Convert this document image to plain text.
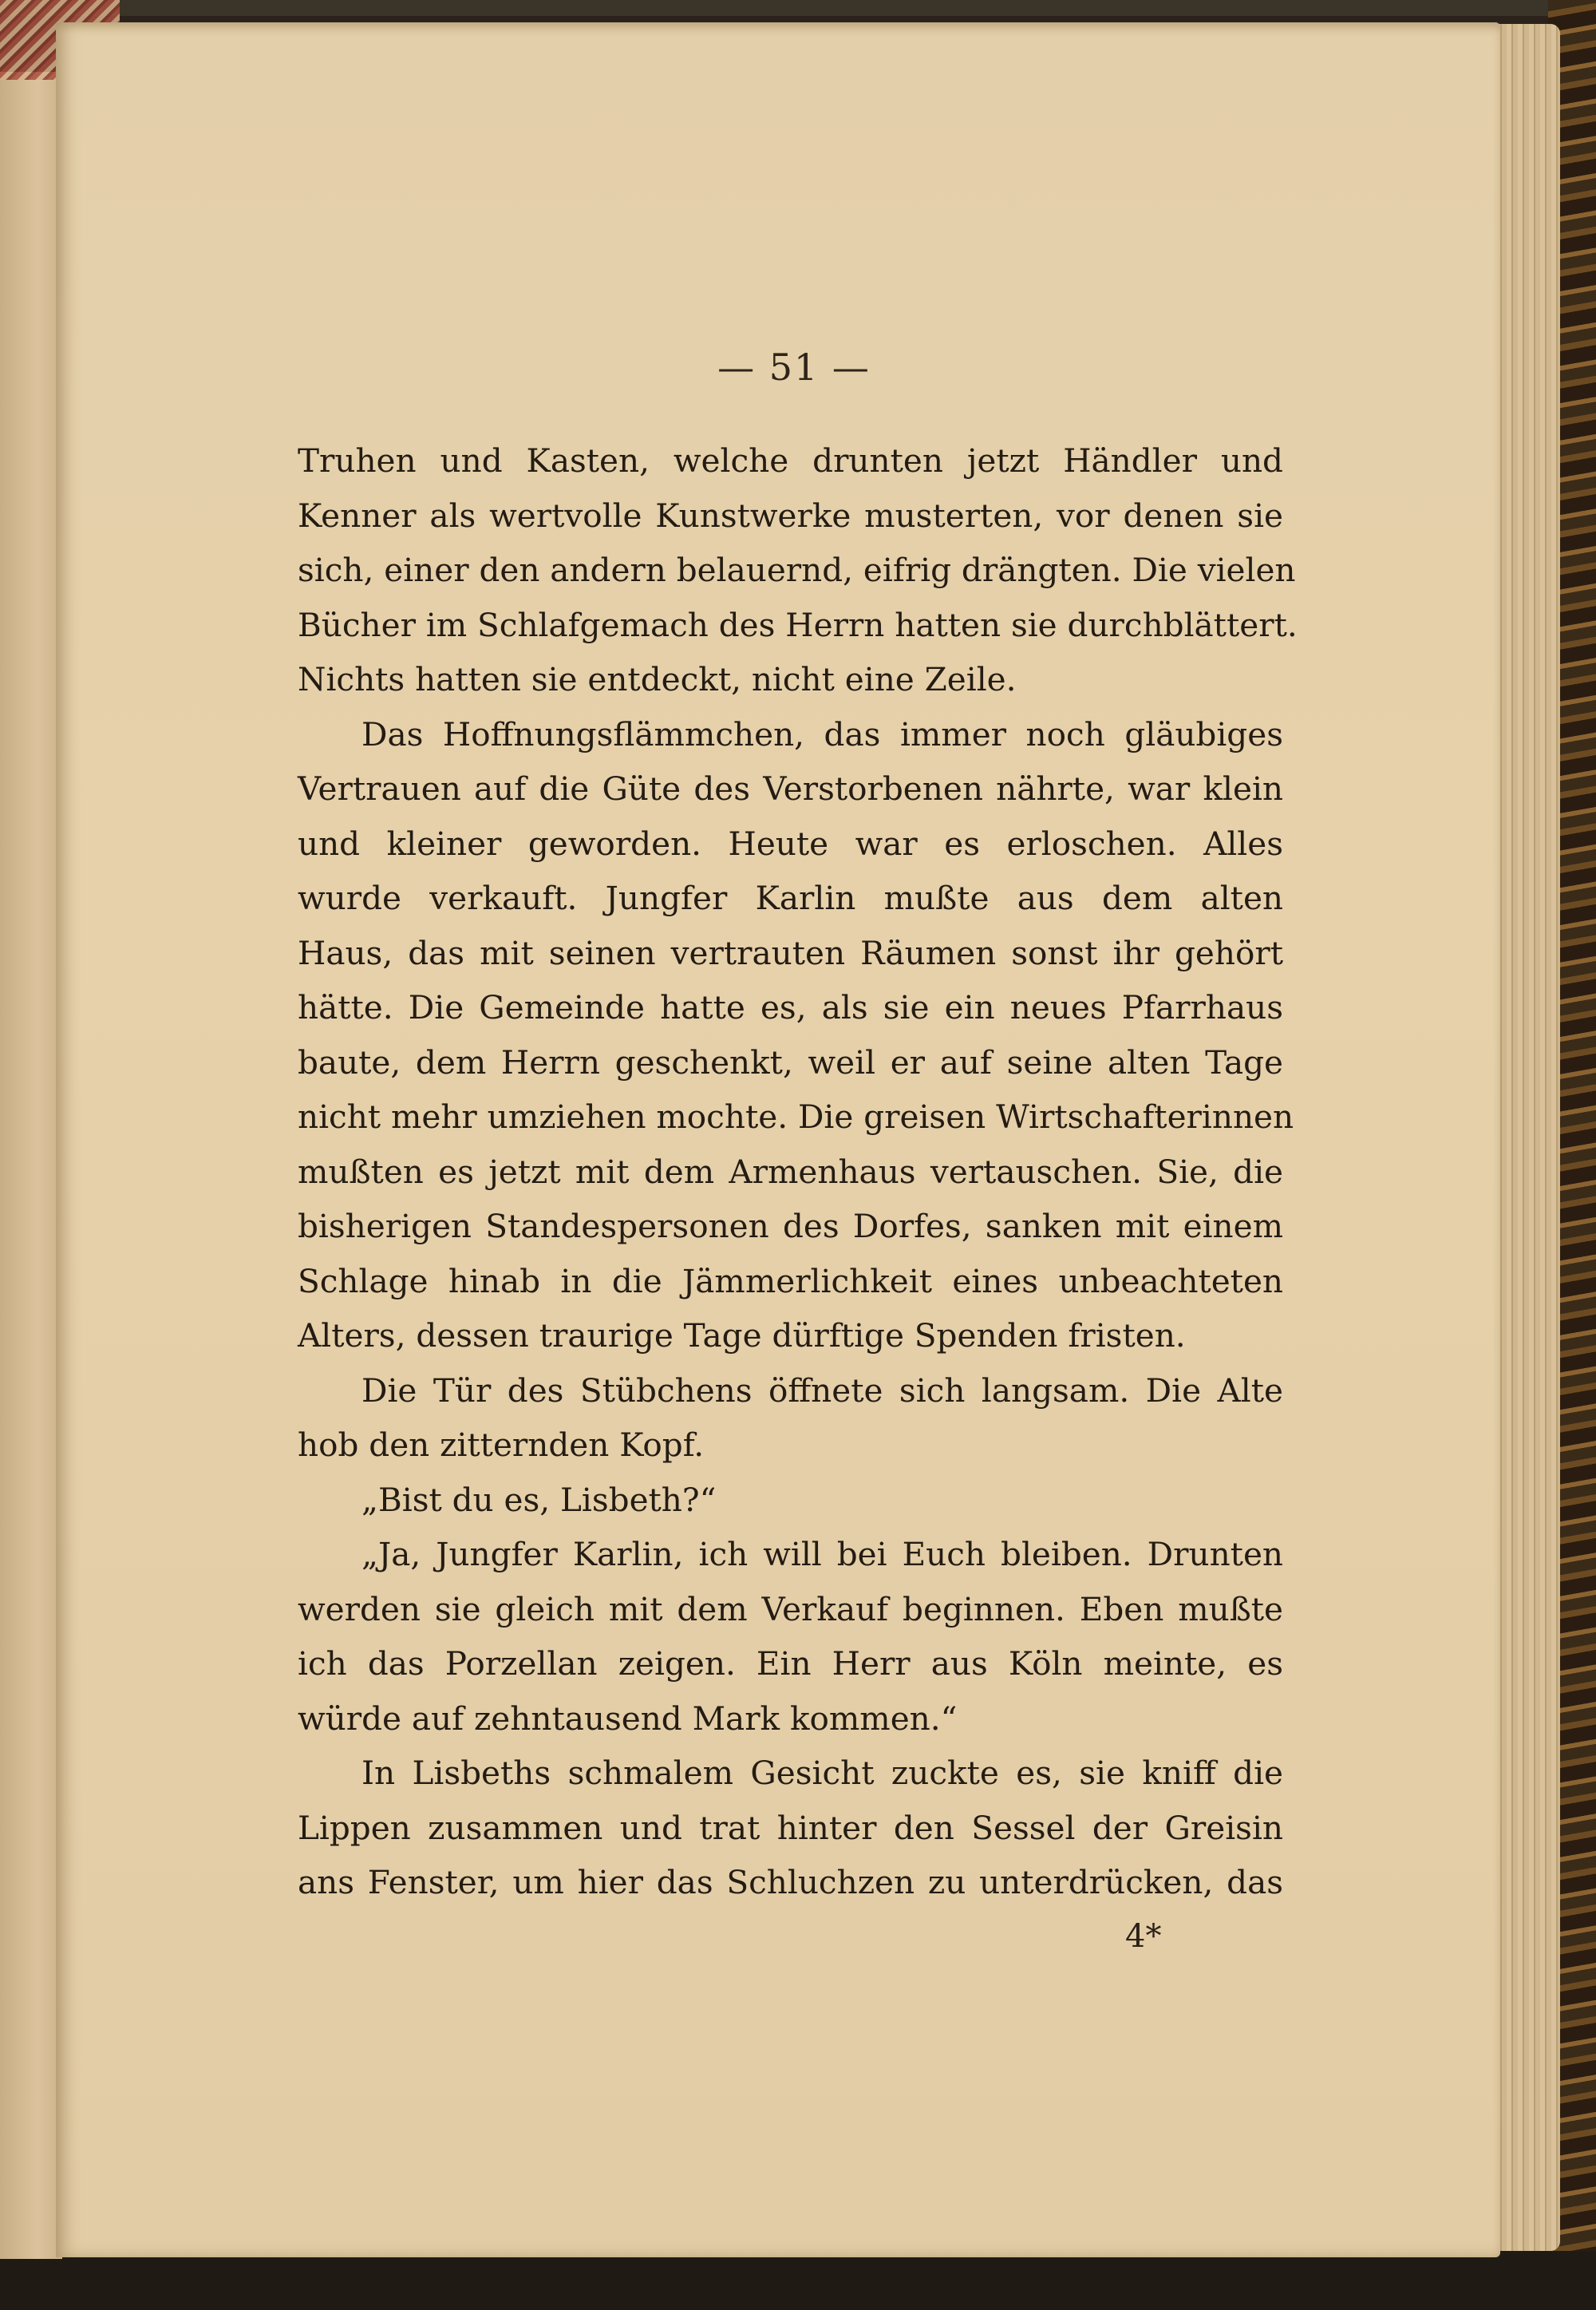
— 51 —
Truhen und Kasten, welche drunten jetzt Händler und
Kenner als wertvolle Kunstwerke musterten, vor denen sie
sich, einer den andern belauernd, eifrig drängten. Die vielen
Bücher im Schlafgemach des Herrn hatten sie durchblättert.
Nichts hatten sie entdeckt, nicht eine Zeile.
Das Hoffnungsflämmchen, das immer noch gläubiges
Vertrauen auf die Güte des Verstorbenen nährte, war klein
und kleiner geworden. Heute war es erloschen. Alles
wurde verkauft. Jungfer Karlin mußte aus dem alten
Haus, das mit seinen vertrauten Räumen sonst ihr gehört
hätte. Die Gemeinde hatte es, als sie ein neues Pfarrhaus
baute, dem Herrn geschenkt, weil er auf seine alten Tage
nicht mehr umziehen mochte. Die greisen Wirtschafterinnen
mußten es jetzt mit dem Armenhaus vertauschen. Sie, die
bisherigen Standespersonen des Dorfes, sanken mit einem
Schlage hinab in die Jämmerlichkeit eines unbeachteten
Alters, dessen traurige Tage dürftige Spenden fristen.
Die Tür des Stübchens öffnete sich langsam. Die Alte
hob den zitternden Kopf.
„Bist du es, Lisbeth?“
„Ja, Jungfer Karlin, ich will bei Euch bleiben. Drunten
werden sie gleich mit dem Verkauf beginnen. Eben mußte
ich das Porzellan zeigen. Ein Herr aus Köln meinte, es
würde auf zehntausend Mark kommen.“
In Lisbeths schmalem Gesicht zuckte es, sie kniff die
Lippen zusammen und trat hinter den Sessel der Greisin
ans Fenster, um hier das Schluchzen zu unterdrücken, das
4*
